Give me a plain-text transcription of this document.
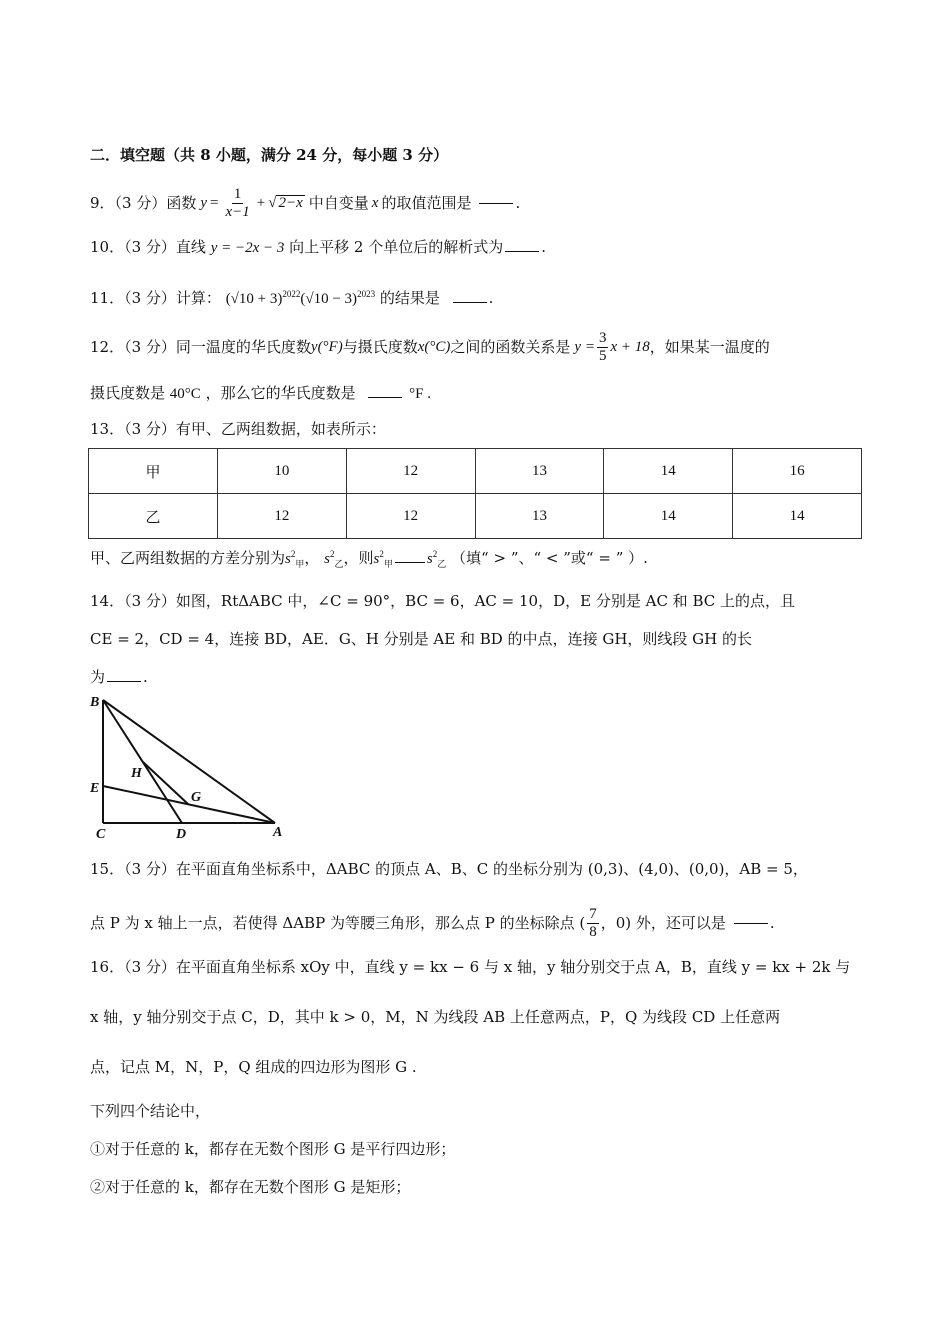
二．填空题（共 8 小题，满分 24 分，每小题 3 分）
9．（3 分）函数 $y = \frac{1}{x-1}$ + √ 2−x 中自变量 x 的取值范围是	.
10．（3 分）直线 y = −2x − 3 向上平移 2 个单位后的解析式为	.
11．（3 分）计算： $(√10 + 3)^{2022}(√10 - 3)^{2023}$ 的结果是	.
12．（3 分）同一温度的华氏度数 y(°F) 与摄氏度数 x(°C) 之间的函数关系是 $y = \frac{3}{5}$ x + 18 ，如果某一温度的
摄氏度数是 40°C ，那么它的华氏度数是	°F .
13．（3 分）有甲、乙两组数据，如表所示：
甲	10	12	13	14	16
乙	12	12	13	14	14
甲、乙两组数据的方差分别为$s^2_甲$， $s^2_乙$，则$s^2_甲$ $s^2_乙$ （填“ > ”、“ < ”或“ = ” ）.
14．（3 分）如图，RtΔABC 中，∠C = 90°，BC = 6，AC = 10，D，E 分别是 AC 和 BC 上的点，且
CE = 2，CD = 4，连接 BD，AE．G、H 分别是 AE 和 BD 的中点，连接 GH，则线段 GH 的长
为	.
B
E
C	D	A
H
G
15．（3 分）在平面直角坐标系中，ΔABC 的顶点 A、B、C 的坐标分别为 (0,3)、(4,0)、(0,0)，AB = 5，
点 P 为 x 轴上一点，若使得 ΔABP 为等腰三角形，那么点 P 的坐标除点 ( $\frac{7}{8}$ ，0) 外，还可以是	.
16．（3 分）在平面直角坐标系 xOy 中，直线 y = kx − 6 与 x 轴，y 轴分别交于点 A，B，直线 y = kx + 2k 与
x 轴，y 轴分别交于点 C，D，其中 k > 0，M，N 为线段 AB 上任意两点，P，Q 为线段 CD 上任意两
点，记点 M，N，P，Q 组成的四边形为图形 G .
下列四个结论中，
①对于任意的 k，都存在无数个图形 G 是平行四边形；
②对于任意的 k，都存在无数个图形 G 是矩形；
